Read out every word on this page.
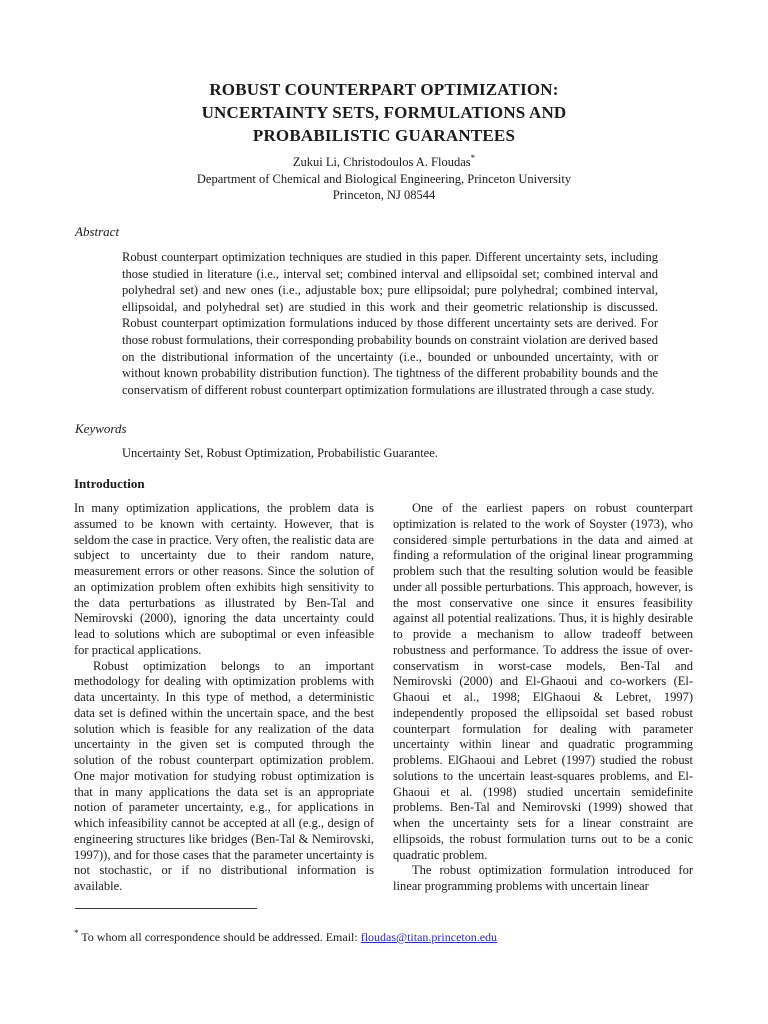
ROBUST COUNTERPART OPTIMIZATION:
UNCERTAINTY SETS, FORMULATIONS AND
PROBABILISTIC GUARANTEES
Zukui Li, Christodoulos A. Floudas*
Department of Chemical and Biological Engineering, Princeton University
Princeton, NJ 08544
Abstract
Robust counterpart optimization techniques are studied in this paper. Different uncertainty sets, including those studied in literature (i.e., interval set; combined interval and ellipsoidal set; combined interval and polyhedral set) and new ones (i.e., adjustable box; pure ellipsoidal; pure polyhedral; combined interval, ellipsoidal, and polyhedral set) are studied in this work and their geometric relationship is discussed. Robust counterpart optimization formulations induced by those different uncertainty sets are derived. For those robust formulations, their corresponding probability bounds on constraint violation are derived based on the distributional information of the uncertainty (i.e., bounded or unbounded uncertainty, with or without known probability distribution function). The tightness of the different probability bounds and the conservatism of different robust counterpart optimization formulations are illustrated through a case study.
Keywords
Uncertainty Set, Robust Optimization, Probabilistic Guarantee.
Introduction

In many optimization applications, the problem data is assumed to be known with certainty. However, that is seldom the case in practice. Very often, the realistic data are subject to uncertainty due to their random nature, measurement errors or other reasons. Since the solution of an optimization problem often exhibits high sensitivity to the data perturbations as illustrated by Ben-Tal and Nemirovski (2000), ignoring the data uncertainty could lead to solutions which are suboptimal or even infeasible for practical applications.

Robust optimization belongs to an important methodology for dealing with optimization problems with data uncertainty. In this type of method, a deterministic data set is defined within the uncertain space, and the best solution which is feasible for any realization of the data uncertainty in the given set is computed through the solution of the robust counterpart optimization problem. One major motivation for studying robust optimization is that in many applications the data set is an appropriate notion of parameter uncertainty, e.g., for applications in which infeasibility cannot be accepted at all (e.g., design of engineering structures like bridges (Ben-Tal & Nemirovski, 1997)), and for those cases that the parameter uncertainty is not stochastic, or if no distributional information is available.

One of the earliest papers on robust counterpart optimization is related to the work of Soyster (1973), who considered simple perturbations in the data and aimed at finding a reformulation of the original linear programming problem such that the resulting solution would be feasible under all possible perturbations. This approach, however, is the most conservative one since it ensures feasibility against all potential realizations. Thus, it is highly desirable to provide a mechanism to allow tradeoff between robustness and performance. To address the issue of over-conservatism in worst-case models, Ben-Tal and Nemirovski (2000) and El-Ghaoui and co-workers (El-Ghaoui et al., 1998; ElGhaoui & Lebret, 1997) independently proposed the ellipsoidal set based robust counterpart formulation for dealing with parameter uncertainty within linear and quadratic programming problems. ElGhaoui and Lebret (1997) studied the robust solutions to the uncertain least-squares problems, and El-Ghaoui et al. (1998) studied uncertain semidefinite problems. Ben-Tal and Nemirovski (1999) showed that when the uncertainty sets for a linear constraint are ellipsoids, the robust formulation turns out to be a conic quadratic problem.

The robust optimization formulation introduced for linear programming problems with uncertain linear

* To whom all correspondence should be addressed. Email: floudas@titan.princeton.edu
